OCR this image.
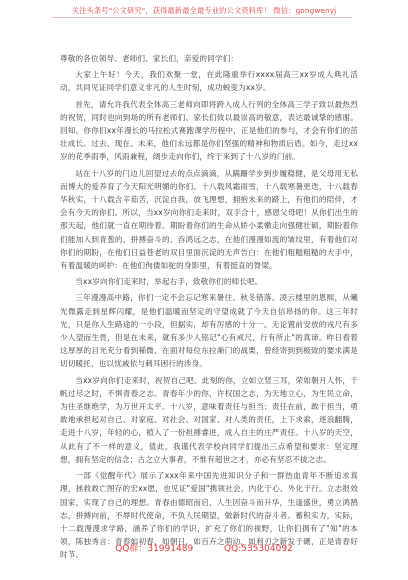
关注头条号"公文研究"，获得最新最全最专业的公文资料库！ 微信：gongwenyj

尊敬的各位领导、老师们、家长们，亲爱的同学们：

大家上午好！今天，我们欢聚一堂，在此隆重举行xxxx届高三xx岁成人典礼活动，共同见证同学们意义非凡的人生时刻，成功蜕变为xx岁。

首先，请允许我代表全体高三老师向即将跨入成人行列的全体高三学子致以最热烈的祝贺，同时也向到场的所有老师们、家长们致以最崇高的敬意，表达最诚挚的感谢。回知，你你们xx年漫长的马拉松式赛跑课学历程中，正是他们的参与，才会有你们的茁壮成长。过去、现在、未来，他们永远都是你们坚强的精神和物质后盾。如今，走过xx岁的花季雨季，风雨兼程，阔步走向你们，终于来到了十八岁的门前。

站在十八岁的门边儿回望过去的点点滴滴，从蹒跚学步到步履稳健，是父母用无私而博大的爱养育了今天阳光明媚的你们。十八载风霜雨雪，十八载寒暑更迭，十八载春华秋实，十八载含辛茹苦，沉淀自我，放飞理想，拥抱未来的路上，有他们的陪伴，才会有今天的你们。所以，当xx岁向你们走来时，双手合十，感恩父母吧！从你们出生的那天起，他们就一直在期待着。期盼着你们的生命从娇小柔嫩走向强健壮硕，期盼着你们能加入到青葱的、拼搏奋斗的、吞鸿远之志，在他们漫漫如流的皱纹里，有着他们对你们的期盼，在他们日益苍老的双目里面沉淀的无声告白：在他们粗糙粗糙的大手中，有着温暖的呵护：在他们佝偻如驼的身影里，有着挺直的脊梁。

当xx岁向你们走来时，举起右手，致敬你们的师长吧。

三年漫漫高中路，你们一定不会忘记寒来暑往、秋冬错落、凌云楼里的恩熙，从曦光微露走到星辉闪耀，是他们温暖而坚定的守望成就了今天自信昂扬的你。这三年时光，只是你人生路途的一小段，但据实，却有厉感的十分一。无论置前安放的戎尺有多少人望而生畏，但是在未来，就有多少人铭记"心有戒尺，行有所止"的真谛。昨日看着这厚厚的目光充分看到稀微、在面对每位东拉渐门的战栗，曾经寄到到极致的要求满是切切暖托，也以忧戚依与刺耳困行的涉身。

当xx岁向你们走来时，祝贺自己吧。此刻的你，立如立竖三耳，荣如朝月人怀，千帆过尽之时，不惧青春之志。青春年少的你，许权国之志，为天地立心，为生民立命，为往圣继绝学，为万世开太平。十八岁，意味着责任与担当；责任在前，敢于担当，勇敢地承担起对自己、对家庭、对社会、对国家、对人类的责任，上下求索，逐浪翻腾，走进十八岁，年轻的心，植入了一份担搏睿进，成人自主的庄严责任。十八岁的天空，从此有了不一样的意义，值此，我谨代表学校向同学们提出三点希望和要求：坚定理想，拥有坚定的信念；古之立大事者，不惟有超世之才，亦必有坚忍不拔之志。

一部《觉醒年代》展示了xxx年来中国先进知识分子和一群热血青年不断追求真理，拯救救亡图存的宏xx愿，也见证"爱国"携领社会，内化于心、外化于行。立志报效国家，实现了自己的理想。青春由德昭而启，人生因奋斗而升华，生逢盛世，勇立鸿鹄志，拼搏向前，不辱时代使命，不负人民期望，做新时代的奋斗者。蓄积实力，实际，十二载漫漫求学路，涵养了你们的学识，扩充了你们的视野，让你们拥有了"知"的本领，陈独秀言：青春如初春，如朝日，如百卉之萌动，如利刃之新发于硎，正是青春好时节。

QQ群：31991489	QQ:535304092
